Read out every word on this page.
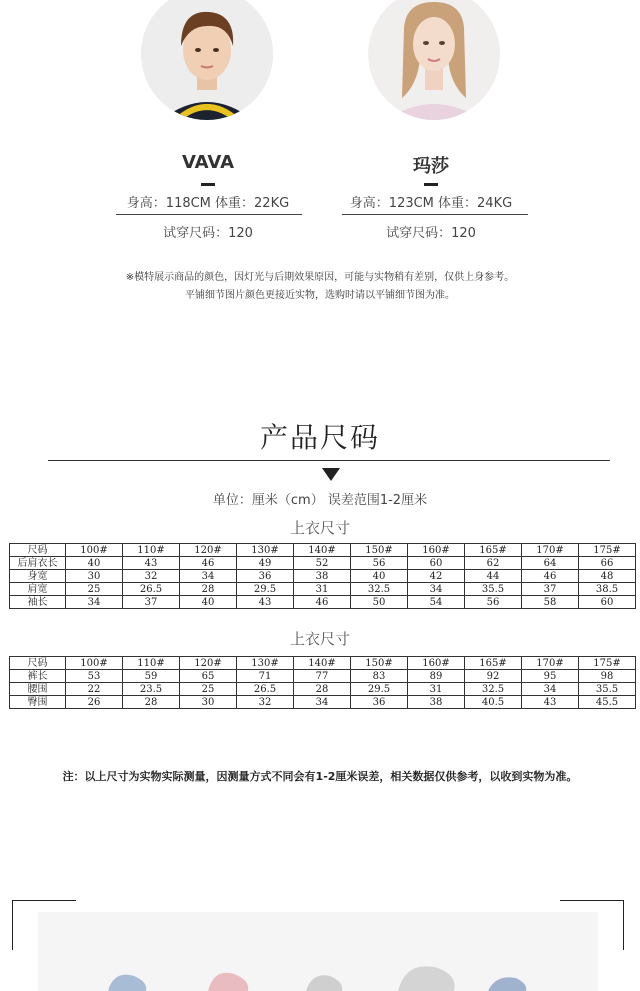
VAVA
身高：118CM 体重：22KG
试穿尺码：120
玛莎
身高：123CM 体重：24KG
试穿尺码：120
※模特展示商品的颜色，因灯光与后期效果原因，可能与实物稍有差别，仅供上身参考。
平铺细节图片颜色更接近实物，选购时请以平铺细节图为准。
产品尺码
单位：厘米（cm） 误差范围1-2厘米
上衣尺寸
尺码	100#	110#	120#	130#	140#	150#	160#	165#	170#	175#
后肩衣长	40	43	46	49	52	56	60	62	64	66
身宽	30	32	34	36	38	40	42	44	46	48
肩宽	25	26.5	28	29.5	31	32.5	34	35.5	37	38.5
袖长	34	37	40	43	46	50	54	56	58	60
上衣尺寸
尺码	100#	110#	120#	130#	140#	150#	160#	165#	170#	175#
裤长	53	59	65	71	77	83	89	92	95	98
腰围	22	23.5	25	26.5	28	29.5	31	32.5	34	35.5
臀围	26	28	30	32	34	36	38	40.5	43	45.5
注：以上尺寸为实物实际测量，因测量方式不同会有1-2厘米误差，相关数据仅供参考，以收到实物为准。
